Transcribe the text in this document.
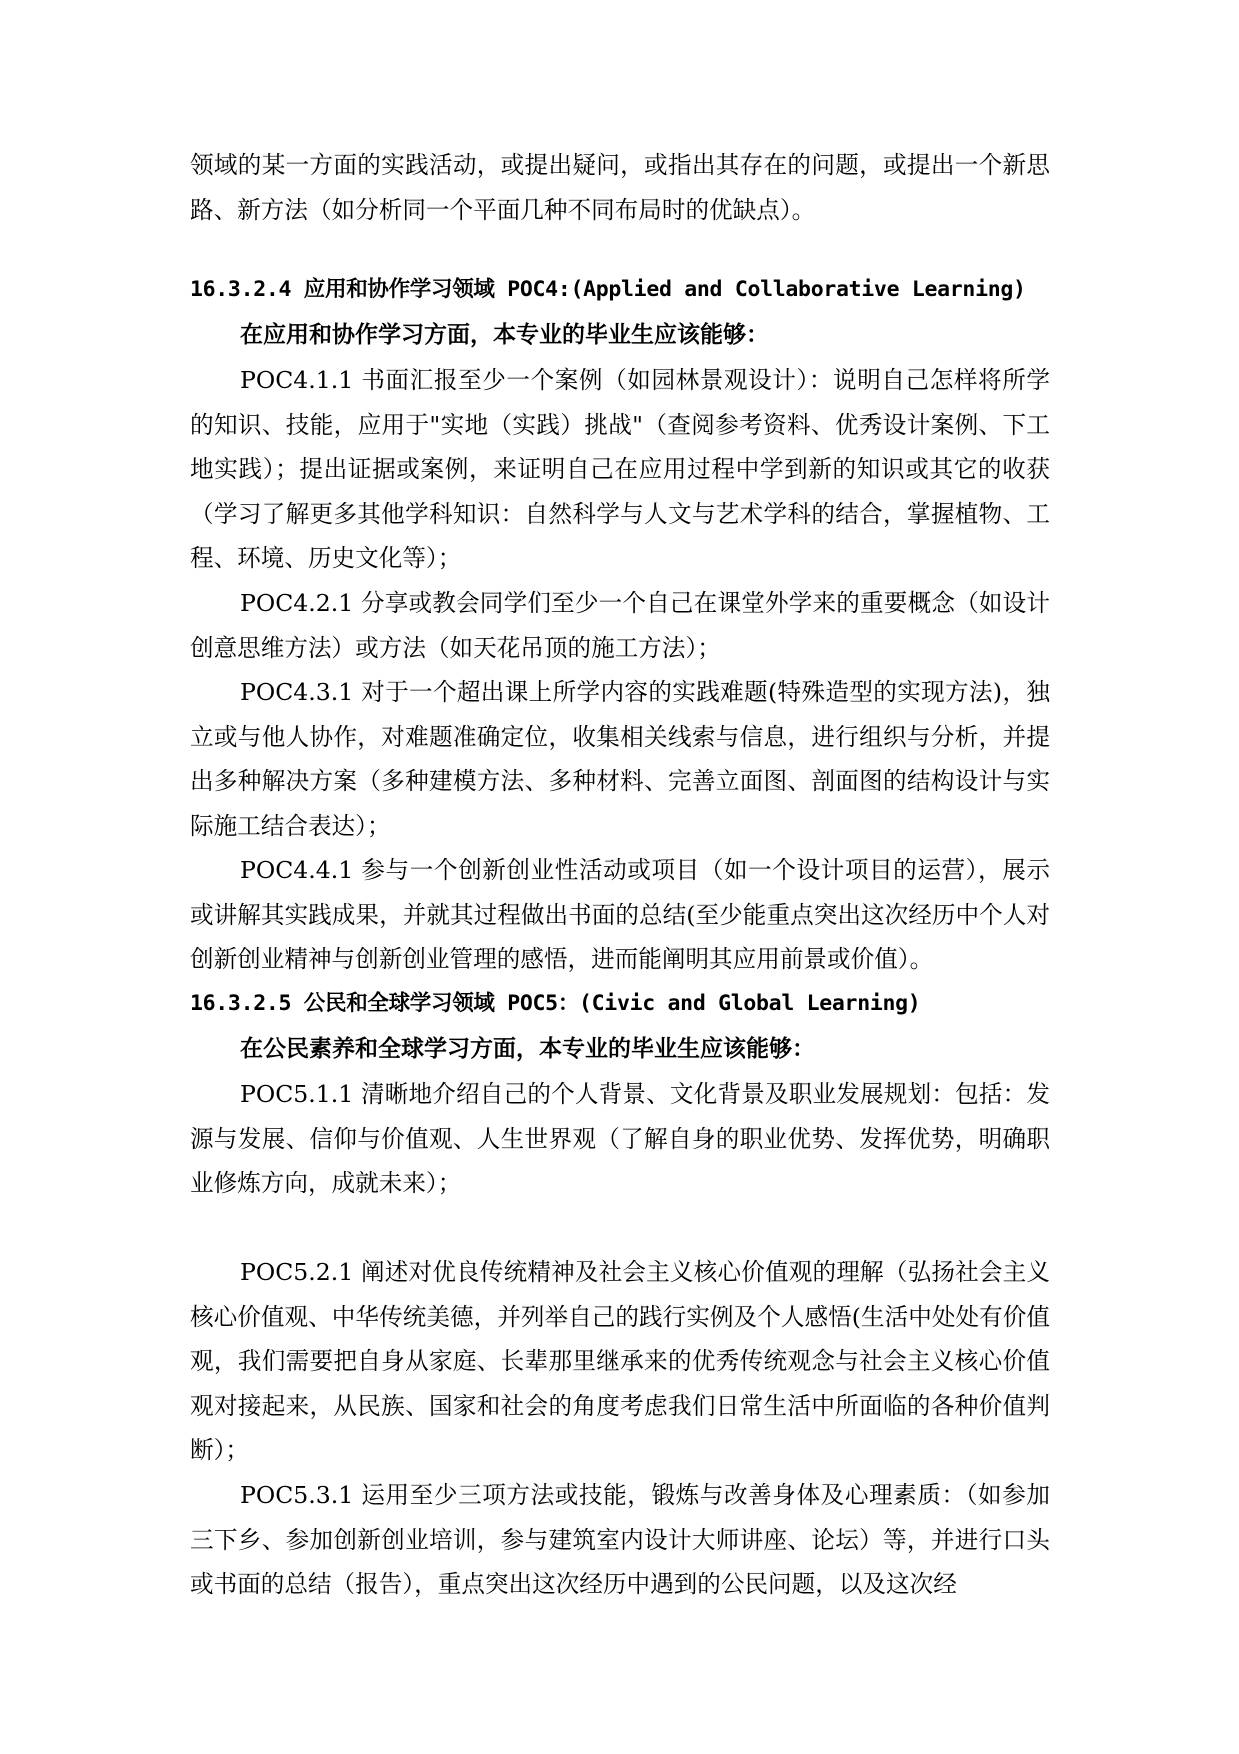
领域的某一方面的实践活动，或提出疑问，或指出其存在的问题，或提出一个新思路、新方法（如分析同一个平面几种不同布局时的优缺点）。

16.3.2.4 应用和协作学习领域 POC4:(Applied and Collaborative Learning)
在应用和协作学习方面，本专业的毕业生应该能够：

POC4.1.1 书面汇报至少一个案例（如园林景观设计）：说明自己怎样将所学的知识、技能，应用于"实地（实践）挑战"（查阅参考资料、优秀设计案例、下工地实践）；提出证据或案例，来证明自己在应用过程中学到新的知识或其它的收获（学习了解更多其他学科知识：自然科学与人文与艺术学科的结合，掌握植物、工程、环境、历史文化等）；

POC4.2.1 分享或教会同学们至少一个自己在课堂外学来的重要概念（如设计创意思维方法）或方法（如天花吊顶的施工方法）；

POC4.3.1 对于一个超出课上所学内容的实践难题(特殊造型的实现方法)，独立或与他人协作，对难题准确定位，收集相关线索与信息，进行组织与分析，并提出多种解决方案（多种建模方法、多种材料、完善立面图、剖面图的结构设计与实际施工结合表达）；

POC4.4.1 参与一个创新创业性活动或项目（如一个设计项目的运营），展示或讲解其实践成果，并就其过程做出书面的总结(至少能重点突出这次经历中个人对创新创业精神与创新创业管理的感悟，进而能阐明其应用前景或价值）。

16.3.2.5 公民和全球学习领域 POC5：(Civic and Global Learning)
在公民素养和全球学习方面，本专业的毕业生应该能够：

POC5.1.1 清晰地介绍自己的个人背景、文化背景及职业发展规划：包括：发源与发展、信仰与价值观、人生世界观（了解自身的职业优势、发挥优势，明确职业修炼方向，成就未来）；

POC5.2.1 阐述对优良传统精神及社会主义核心价值观的理解（弘扬社会主义核心价值观、中华传统美德，并列举自己的践行实例及个人感悟(生活中处处有价值观，我们需要把自身从家庭、长辈那里继承来的优秀传统观念与社会主义核心价值观对接起来，从民族、国家和社会的角度考虑我们日常生活中所面临的各种价值判断）；

POC5.3.1 运用至少三项方法或技能，锻炼与改善身体及心理素质：（如参加三下乡、参加创新创业培训，参与建筑室内设计大师讲座、论坛）等，并进行口头或书面的总结（报告），重点突出这次经历中遇到的公民问题，以及这次经
